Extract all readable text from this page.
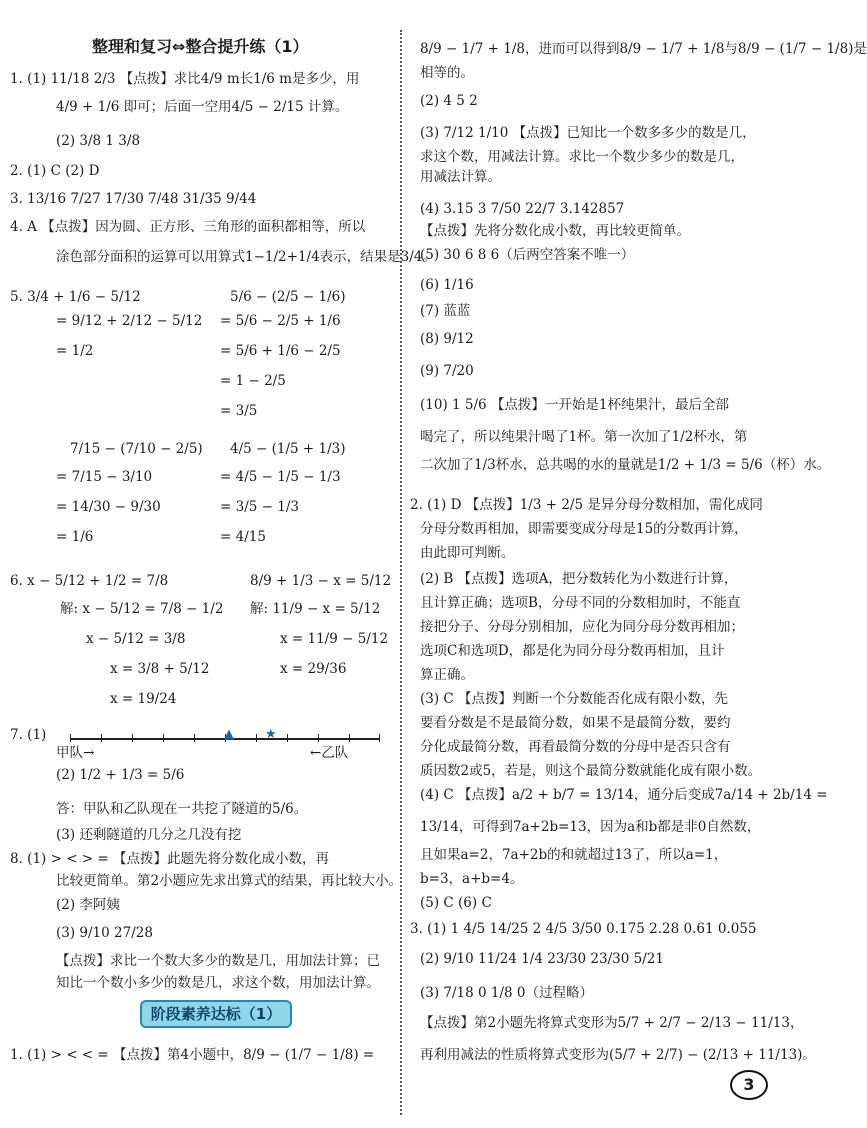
整理和复习⇔整合提升练（1）
1. (1) 11/18 2/3 【点拨】求比4/9 m长1/6 m是多少，用
4/9 + 1/6 即可；后面一空用4/5 − 2/15 计算。
(2) 3/8 1 3/8
2. (1) C (2) D
3. 13/16 7/27 17/30 7/48 31/35 9/44
4. A 【点拨】因为圆、正方形、三角形的面积都相等，所以
涂色部分面积的运算可以用算式1−1/2+1/4表示，结果是3/4。
5. 3/4 + 1/6 − 5/12
= 9/12 + 2/12 − 5/12
= 1/2
5/6 − (2/5 − 1/6)
= 5/6 − 2/5 + 1/6
= 5/6 + 1/6 − 2/5
= 1 − 2/5
= 3/5
7/15 − (7/10 − 2/5)
= 7/15 − 3/10
= 14/30 − 9/30
= 1/6
4/5 − (1/5 + 1/3)
= 4/5 − 1/5 − 1/3
= 3/5 − 1/3
= 4/15
6. x − 5/12 + 1/2 = 7/8
解: x − 5/12 = 7/8 − 1/2
x − 5/12 = 3/8
x = 3/8 + 5/12
x = 19/24
8/9 + 1/3 − x = 5/12
解: 11/9 − x = 5/12
x = 11/9 − 5/12
x = 29/36
7. (1)
甲队→	←乙队
(2) 1/2 + 1/3 = 5/6
答：甲队和乙队现在一共挖了隧道的5/6。
(3) 还剩隧道的几分之几没有挖
8. (1) > < > = 【点拨】此题先将分数化成小数，再
比较更简单。第2小题应先求出算式的结果，再比较大小。
(2) 李阿姨
(3) 9/10 27/28
【点拨】求比一个数大多少的数是几，用加法计算；已
知比一个数小多少的数是几，求这个数，用加法计算。
1. (1) > < < = 【点拨】第4小题中，8/9 − (1/7 − 1/8) =
▲ ★
阶段素养达标（1）
8/9 − 1/7 + 1/8，进而可以得到8/9 − 1/7 + 1/8与8/9 − (1/7 − 1/8)是
相等的。
(2) 4 5 2
(3) 7/12 1/10 【点拨】已知比一个数多多少的数是几，
求这个数，用减法计算。求比一个数少多少的数是几，
用减法计算。
(4) 3.15 3 7/50 22/7 3.142857
【点拨】先将分数化成小数，再比较更简单。
(5) 30 6 8 6（后两空答案不唯一）
(6) 1/16
(7) 蓝蓝
(8) 9/12
(9) 7/20
(10) 1 5/6 【点拨】一开始是1杯纯果汁，最后全部
喝完了，所以纯果汁喝了1杯。第一次加了1/2杯水，第
二次加了1/3杯水，总共喝的水的量就是1/2 + 1/3 = 5/6（杯）水。
2. (1) D 【点拨】1/3 + 2/5 是异分母分数相加，需化成同
分母分数再相加，即需要变成分母是15的分数再计算，
由此即可判断。
(2) B 【点拨】选项A，把分数转化为小数进行计算，
且计算正确；选项B，分母不同的分数相加时，不能直
接把分子、分母分别相加，应化为同分母分数再相加；
选项C和选项D，都是化为同分母分数再相加，且计
算正确。
(3) C 【点拨】判断一个分数能否化成有限小数，先
要看分数是不是最简分数，如果不是最简分数，要约
分化成最简分数，再看最简分数的分母中是否只含有
质因数2或5，若是，则这个最简分数就能化成有限小数。
(4) C 【点拨】a/2 + b/7 = 13/14，通分后变成7a/14 + 2b/14 =
13/14，可得到7a+2b=13，因为a和b都是非0自然数，
且如果a=2，7a+2b的和就超过13了，所以a=1，
b=3，a+b=4。
(5) C (6) C
3. (1) 1 4/5 14/25 2 4/5 3/50 0.175 2.28 0.61 0.055
(2) 9/10 11/24 1/4 23/30 23/30 5/21
(3) 7/18 0 1/8 0（过程略）
【点拨】第2小题先将算式变形为5/7 + 2/7 − 2/13 − 11/13，
再利用减法的性质将算式变形为(5/7 + 2/7) − (2/13 + 11/13)。
3
